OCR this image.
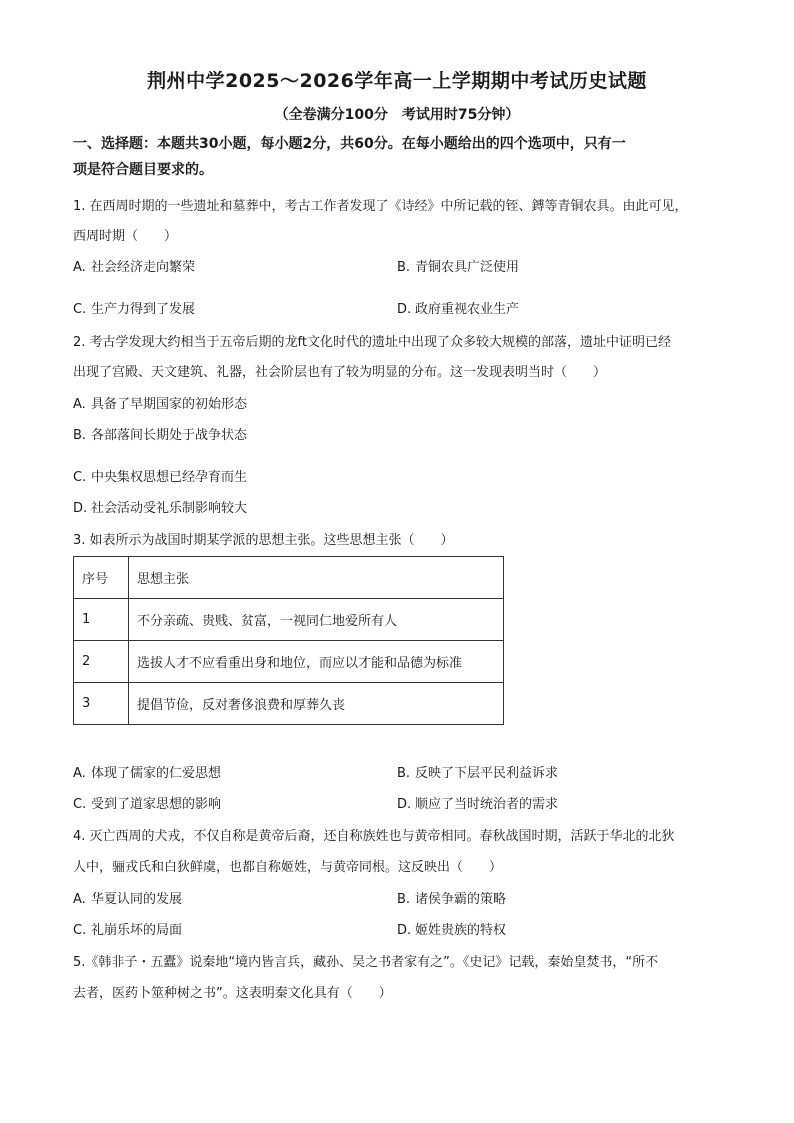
荆州中学2025～2026学年高一上学期期中考试历史试题
（全卷满分100分　考试用时75分钟）
一、选择题：本题共30小题，每小题2分，共60分。在每小题给出的四个选项中，只有一
项是符合题目要求的。
1. 在西周时期的一些遗址和墓葬中，考古工作者发现了《诗经》中所记载的铚、鎛等青铜农具。由此可见，
西周时期（　　）
A. 社会经济走向繁荣	B. 青铜农具广泛使用
C. 生产力得到了发展	D. 政府重视农业生产
2. 考古学发现大约相当于五帝后期的龙ft文化时代的遗址中出现了众多较大规模的部落，遗址中证明已经
出现了宫殿、天文建筑、礼器，社会阶层也有了较为明显的分布。这一发现表明当时（　　）
A. 具备了早期国家的初始形态
B. 各部落间长期处于战争状态
C. 中央集权思想已经孕育而生
D. 社会活动受礼乐制影响较大
3. 如表所示为战国时期某学派的思想主张。这些思想主张（　　）
序号	思想主张
1	不分亲疏、贵贱、贫富，一视同仁地爱所有人
2	选拔人才不应看重出身和地位，而应以才能和品德为标准
3	提倡节俭，反对奢侈浪费和厚葬久丧
A. 体现了儒家的仁爱思想	B. 反映了下层平民利益诉求
C. 受到了道家思想的影响	D. 顺应了当时统治者的需求
4. 灭亡西周的犬戎，不仅自称是黄帝后裔，还自称族姓也与黄帝相同。春秋战国时期，活跃于华北的北狄
人中，骊戎氏和白狄鲜虞，也都自称姬姓，与黄帝同根。这反映出（　　）
A. 华夏认同的发展	B. 诸侯争霸的策略
C. 礼崩乐坏的局面	D. 姬姓贵族的特权
5.《韩非子・五蠹》说秦地“境内皆言兵，藏孙、吴之书者家有之”。《史记》记载，秦始皇焚书，“所不
去者，医药卜筮种树之书”。这表明秦文化具有（　　）
